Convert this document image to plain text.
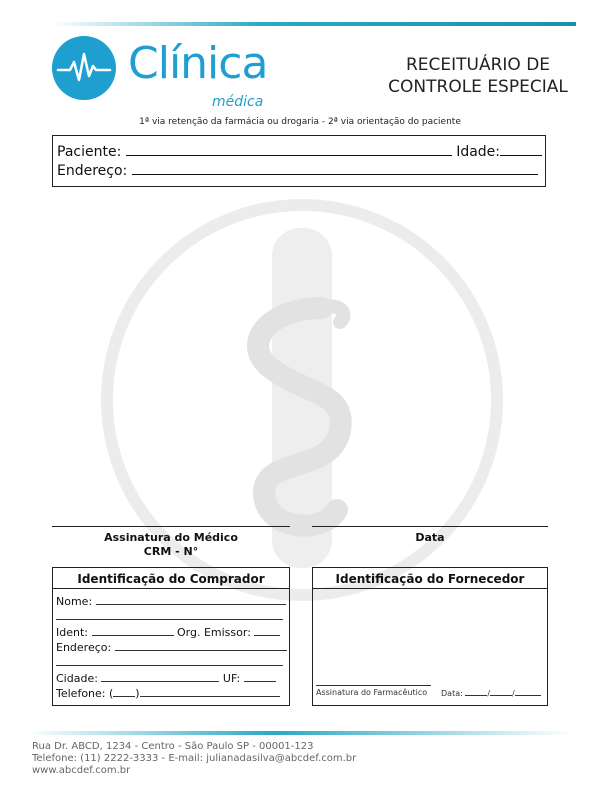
Clínica
médica
RECEITUÁRIO DE
CONTROLE ESPECIAL
1ª via retenção da farmácia ou drogaria - 2ª via orientação do paciente
Paciente:	Idade:
Endereço:
Assinatura do Médico
CRM - N°
Data
Identificação do Comprador
Nome:
Ident:	Org. Emissor:
Endereço:
Cidade:	UF:
Telefone: ( )
Identificação do Fornecedor
Assinatura do Farmacêutico Data:	/	/
Rua Dr. ABCD, 1234 - Centro - São Paulo SP - 00001-123
Telefone: (11) 2222-3333 - E-mail: julianadasilva@abcdef.com.br
www.abcdef.com.br
